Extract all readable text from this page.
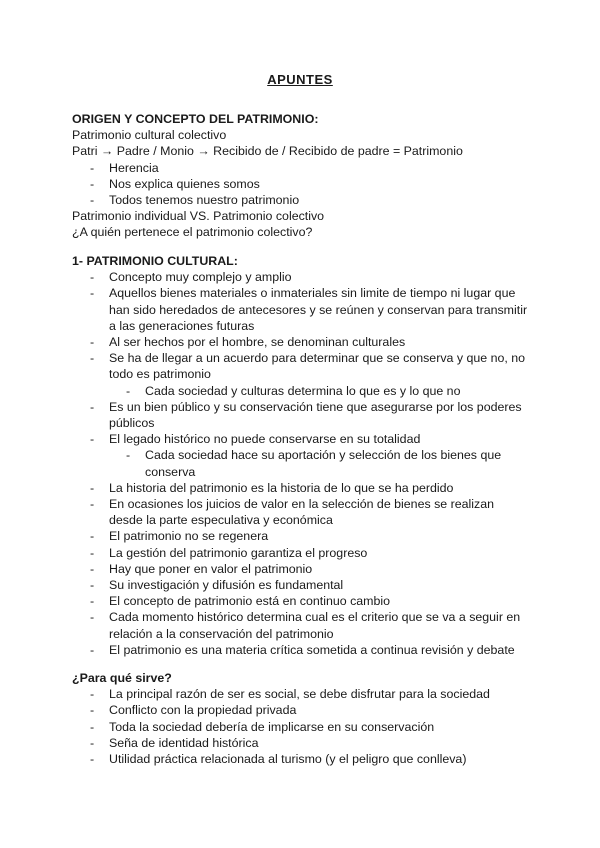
APUNTES

ORIGEN Y CONCEPTO DEL PATRIMONIO:

Patrimonio cultural colectivo

Patri → Padre / Monio → Recibido de / Recibido de padre = Patrimonio

- Herencia
- Nos explica quienes somos
- Todos tenemos nuestro patrimonio

Patrimonio individual VS. Patrimonio colectivo

¿A quién pertenece el patrimonio colectivo?

1- PATRIMONIO CULTURAL:

- Concepto muy complejo y amplio
- Aquellos bienes materiales o inmateriales sin limite de tiempo ni lugar que han sido heredados de antecesores y se reúnen y conservan para transmitir a las generaciones futuras
- Al ser hechos por el hombre, se denominan culturales
- Se ha de llegar a un acuerdo para determinar que se conserva y que no, no todo es patrimonio
- Cada sociedad y culturas determina lo que es y lo que no
- Es un bien público y su conservación tiene que asegurarse por los poderes públicos
- El legado histórico no puede conservarse en su totalidad
- Cada sociedad hace su aportación y selección de los bienes que conserva
- La historia del patrimonio es la historia de lo que se ha perdido
- En ocasiones los juicios de valor en la selección de bienes se realizan desde la parte especulativa y económica
- El patrimonio no se regenera
- La gestión del patrimonio garantiza el progreso
- Hay que poner en valor el patrimonio
- Su investigación y difusión es fundamental
- El concepto de patrimonio está en continuo cambio
- Cada momento histórico determina cual es el criterio que se va a seguir en relación a la conservación del patrimonio
- El patrimonio es una materia crítica sometida a continua revisión y debate

¿Para qué sirve?

- La principal razón de ser es social, se debe disfrutar para la sociedad
- Conflicto con la propiedad privada
- Toda la sociedad debería de implicarse en su conservación
- Seña de identidad histórica
- Utilidad práctica relacionada al turismo (y el peligro que conlleva)
